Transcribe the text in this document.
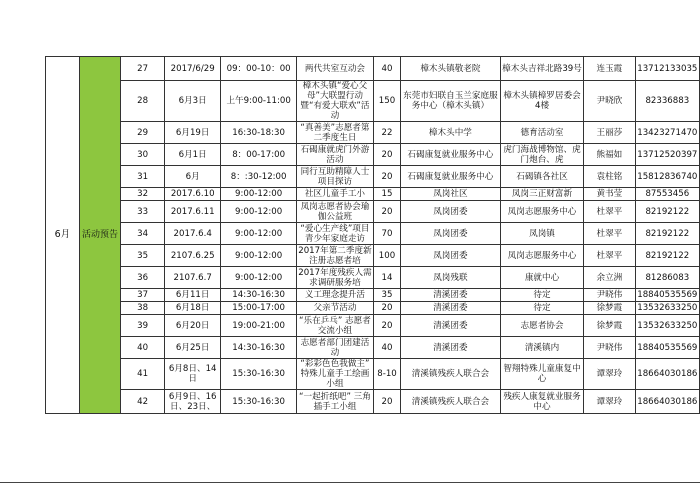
6月	活动预告	27	2017/6/29	09：00-10：00	两代共室互动会	40	樟木头镇敬老院	樟木头吉祥北路39号	连玉霞	13712133035
		28	6月3日	上午9:00-11:00	樟木头镇“爱心父母”大联盟行动暨“有爱大联欢”活动	150	东莞市妇联自玉兰家庭服务中心（樟木头镇）	樟木头镇樟罗居委会4楼	尹晓欣	82336883
		29	6月19日	16:30-18:30	“真善美”志愿者第二季度生日	22	樟木头中学	德育活动室	王丽莎	13423271470
		30	6月1日	8：00-17:00	石碣康就虎门外游活动	20	石碣康复就业服务中心	虎门海战博物馆、虎门炮台、虎	熊福如	13712520397
		31	6月	8：:30-12:00	同行互助精障人士项目探访	20	石碣康复就业服务中心	石碣镇各社区	袁柱铭	15812836740
		32	2017.6.10	9:00-12:00	社区儿童手工小	15	凤岗社区	凤岗三正财富新	黄书莹	87553456
		33	2017.6.11	9:00-12:00	凤岗志愿者协会瑜伽公益班	20	凤岗团委	凤岗志愿服务中心	杜翠平	82192122
		34	2017.6.4	9:00-12:00	“爱心生产线”项目青少年家庭走访	70	凤岗团委	凤岗镇	杜翠平	82192122
		35	2107.6.25	9:00-12:00	2017年第二季度新注册志愿者培	100	凤岗团委	凤岗志愿服务中心	杜翠平	82192122
		36	2107.6.7	9:00-12:00	2017年度残疾人需求调研服务培	14	凤岗残联	康就中心	余立洲	81286083
		37	6月11日	14:30-16:30	义工理念提升活	35	清溪团委	待定	尹晓伟	18840535569
		38	6月18日	15:00-17:00	父亲节活动	20	清溪团委	待定	徐梦霞	13532633250
		39	6月20日	19:00-21:00	“乐在乒乓” 志愿者交流小组	20	清溪团委	志愿者协会	徐梦霞	13532633250
		40	6月25日	14:30-16:30	志愿者部门团建活动	40	清溪团委	清溪镇内	尹晓伟	18840535569
		41	6月8日、14日	15:30-16:30	“彩彩色色我做主” 特殊儿童手工绘画小组	8-10	清溪镇残疾人联合会	智翔特殊儿童康复中心	谭翠玲	18664030186
		42	6月9日、16日、23日、	15:30-16:30	“一起折纸吧” 三角插手工小组	20	清溪镇残疾人联合会	残疾人康复就业服务中心	谭翠玲	18664030186
